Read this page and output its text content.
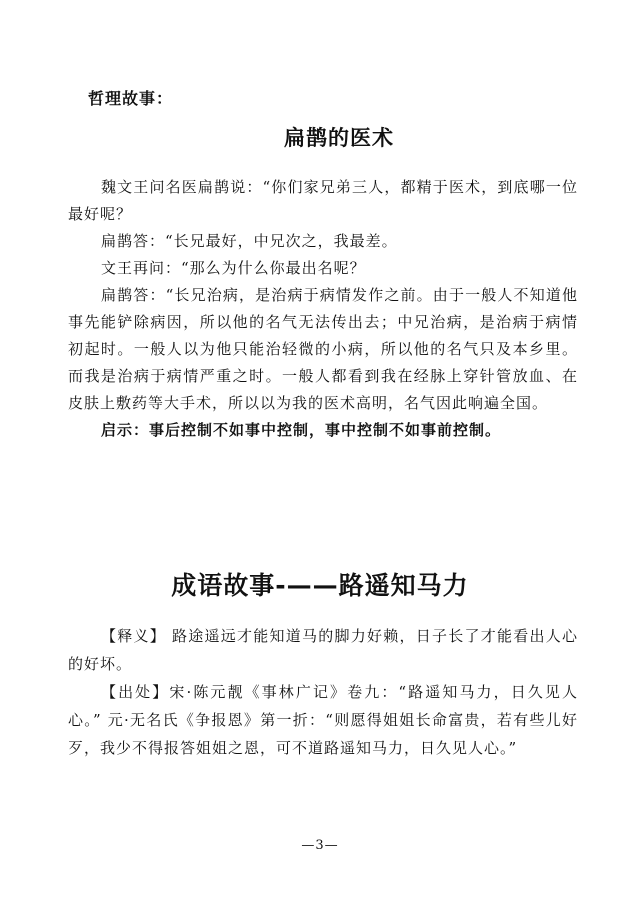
哲理故事：
扁鹊的医术

魏文王问名医扁鹊说：“你们家兄弟三人，都精于医术，到底哪一位最好呢？

扁鹊答：“长兄最好，中兄次之，我最差。

文王再问：“那么为什么你最出名呢？

扁鹊答：“长兄治病，是治病于病情发作之前。由于一般人不知道他事先能铲除病因，所以他的名气无法传出去；中兄治病，是治病于病情初起时。一般人以为他只能治轻微的小病，所以他的名气只及本乡里。而我是治病于病情严重之时。一般人都看到我在经脉上穿针管放血、在皮肤上敷药等大手术，所以以为我的医术高明，名气因此响遍全国。

启示：事后控制不如事中控制，事中控制不如事前控制。

成语故事-——路遥知马力

【释义】 路途遥远才能知道马的脚力好赖，日子长了才能看出人心的好坏。

【出处】宋·陈元靓《事林广记》卷九：“路遥知马力，日久见人心。” 元·无名氏《争报恩》第一折：“则愿得姐姐长命富贵，若有些儿好歹，我少不得报答姐姐之恩，可不道路遥知马力，日久见人心。”

—3—
